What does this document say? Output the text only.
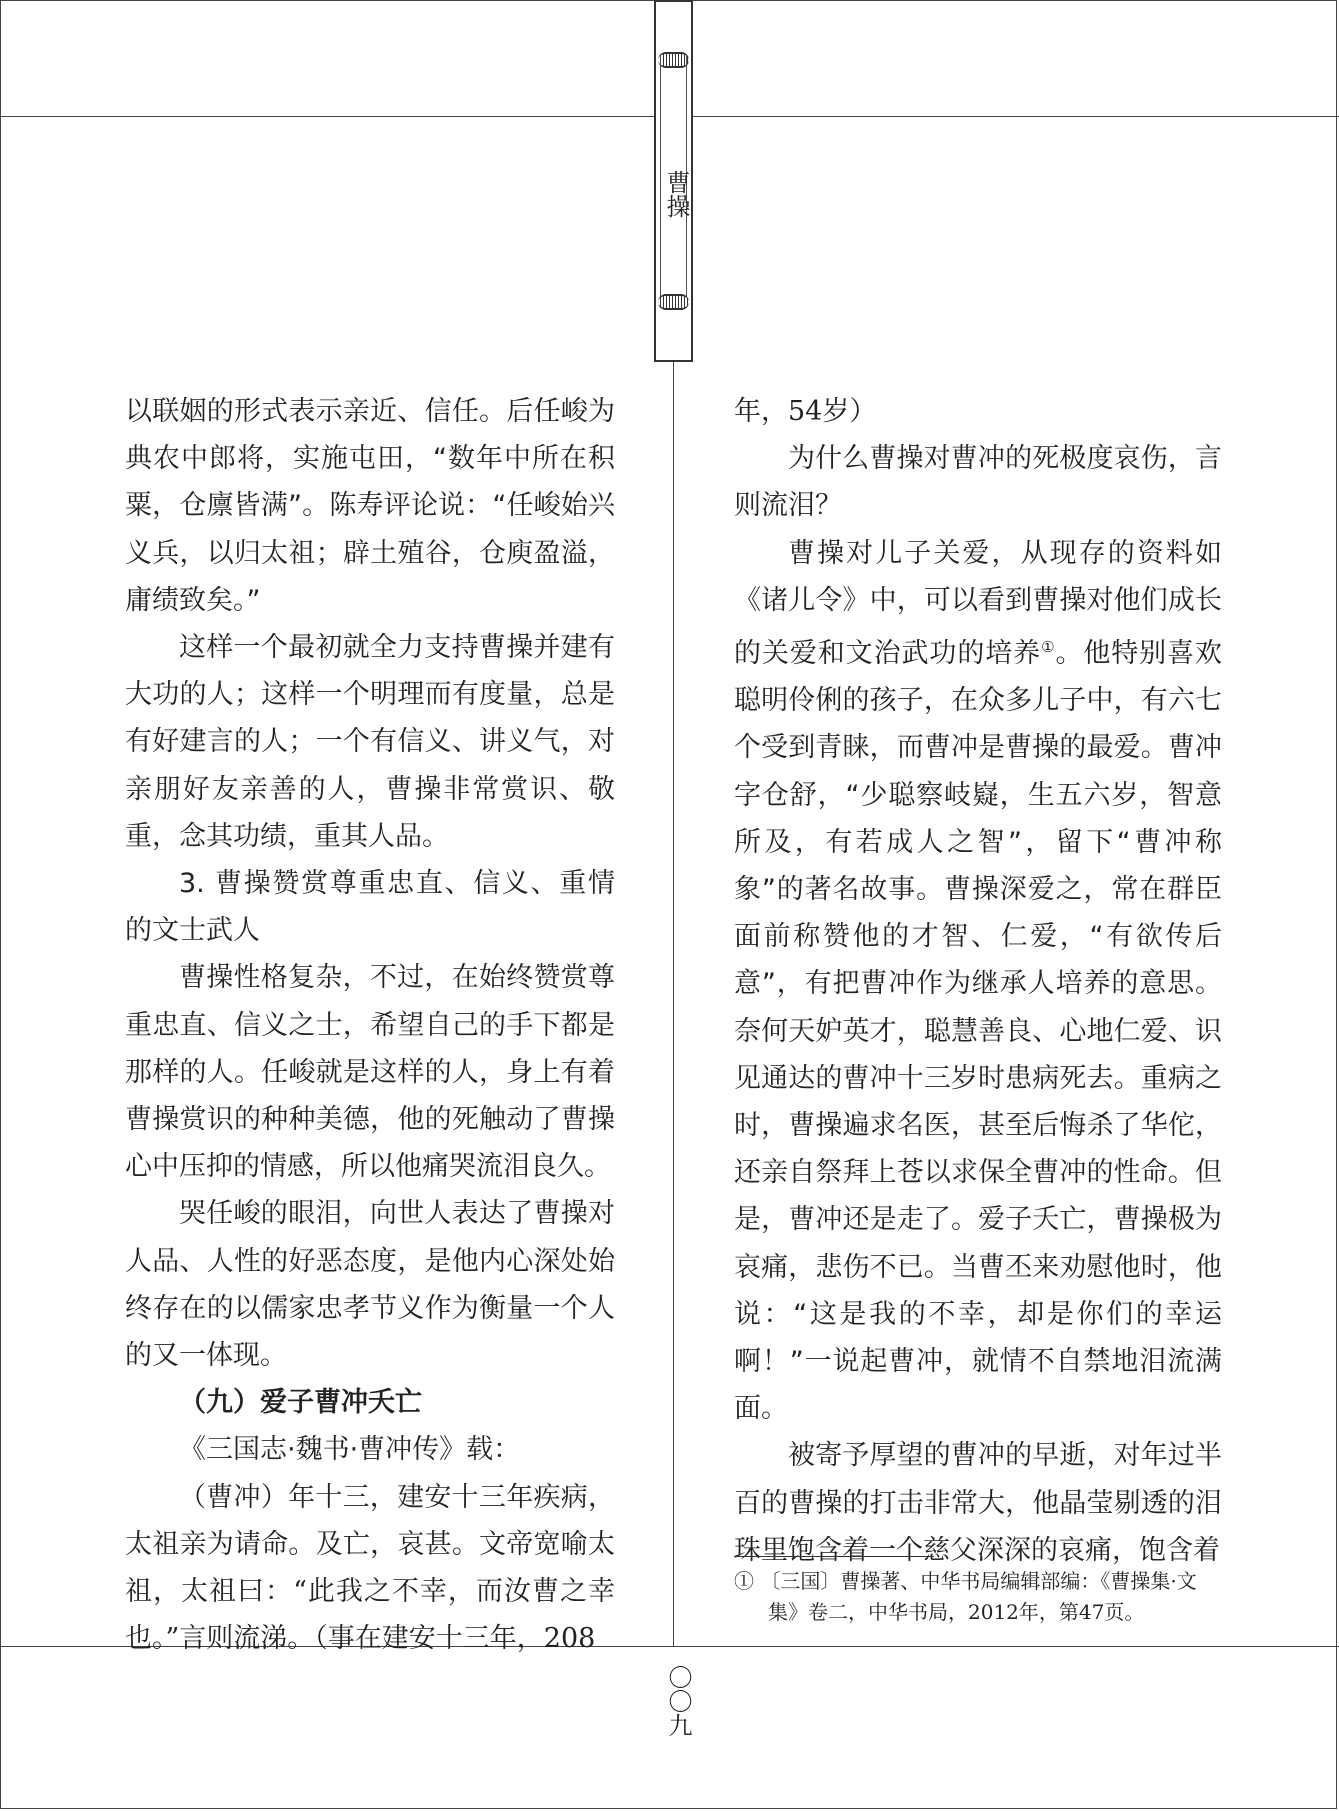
曹操

以联姻的形式表示亲近、信任。后任峻为典农中郎将，实施屯田，“数年中所在积粟，仓廪皆满”。陈寿评论说：“任峻始兴义兵，以归太祖；辟土殖谷，仓庾盈溢，庸绩致矣。”

这样一个最初就全力支持曹操并建有大功的人；这样一个明理而有度量，总是有好建言的人；一个有信义、讲义气，对亲朋好友亲善的人，曹操非常赏识、敬重，念其功绩，重其人品。

3. 曹操赞赏尊重忠直、信义、重情的文士武人

曹操性格复杂，不过，在始终赞赏尊重忠直、信义之士，希望自己的手下都是那样的人。任峻就是这样的人，身上有着曹操赏识的种种美德，他的死触动了曹操心中压抑的情感，所以他痛哭流泪良久。

哭任峻的眼泪，向世人表达了曹操对人品、人性的好恶态度，是他内心深处始终存在的以儒家忠孝节义作为衡量一个人的又一体现。

（九）爱子曹冲夭亡

《三国志·魏书·曹冲传》载：

（曹冲）年十三，建安十三年疾病，太祖亲为请命。及亡，哀甚。文帝宽喻太祖，太祖曰：“此我之不幸，而汝曹之幸也。”言则流涕。（事在建安十三年，208

年，54岁）

为什么曹操对曹冲的死极度哀伤，言则流泪？

曹操对儿子关爱，从现存的资料如《诸儿令》中，可以看到曹操对他们成长的关爱和文治武功的培养①。他特别喜欢聪明伶俐的孩子，在众多儿子中，有六七个受到青睐，而曹冲是曹操的最爱。曹冲字仓舒，“少聪察岐嶷，生五六岁，智意所及，有若成人之智”，留下“曹冲称象”的著名故事。曹操深爱之，常在群臣面前称赞他的才智、仁爱，“有欲传后意”，有把曹冲作为继承人培养的意思。奈何天妒英才，聪慧善良、心地仁爱、识见通达的曹冲十三岁时患病死去。重病之时，曹操遍求名医，甚至后悔杀了华佗，还亲自祭拜上苍以求保全曹冲的性命。但是，曹冲还是走了。爱子夭亡，曹操极为哀痛，悲伤不已。当曹丕来劝慰他时，他说：“这是我的不幸，却是你们的幸运啊！”一说起曹冲，就情不自禁地泪流满面。

被寄予厚望的曹冲的早逝，对年过半百的曹操的打击非常大，他晶莹剔透的泪珠里饱含着一个慈父深深的哀痛，饱含着

① 〔三国〕曹操著、中华书局编辑部编：《曹操集·文集》卷二，中华书局，2012年，第47页。
〇〇九
